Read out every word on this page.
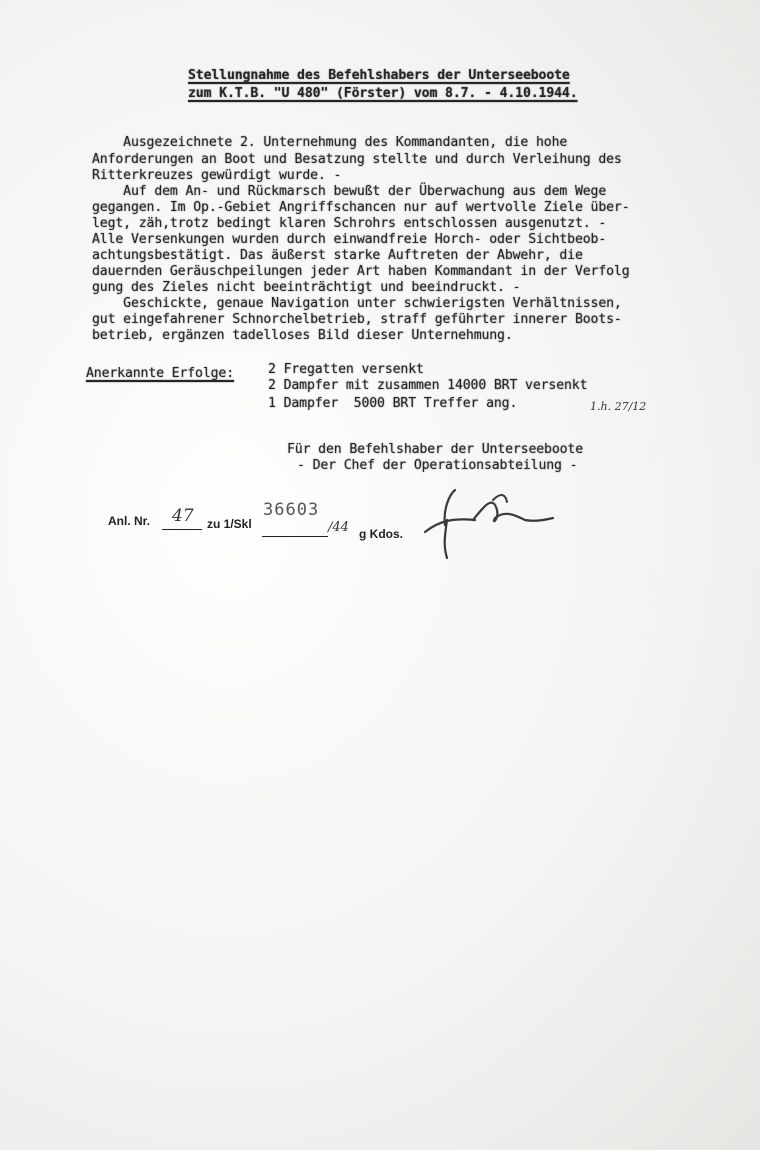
Stellungnahme des Befehlshabers der Unterseeboote
zum K.T.B. "U 480" (Förster) vom 8.7. - 4.10.1944.
Ausgezeichnete 2. Unternehmung des Kommandanten, die hohe
Anforderungen an Boot und Besatzung stellte und durch Verleihung des
Ritterkreuzes gewürdigt wurde. -
Auf dem An- und Rückmarsch bewußt der Überwachung aus dem Wege
gegangen. Im Op.-Gebiet Angriffschancen nur auf wertvolle Ziele über-
legt, zäh,trotz bedingt klaren Schrohrs entschlossen ausgenutzt. -
Alle Versenkungen wurden durch einwandfreie Horch- oder Sichtbeob-
achtungsbestätigt. Das äußerst starke Auftreten der Abwehr, die
dauernden Geräuschpeilungen jeder Art haben Kommandant in der Verfolg
gung des Zieles nicht beeinträchtigt und beeindruckt. -
Geschickte, genaue Navigation unter schwierigsten Verhältnissen,
gut eingefahrener Schnorchelbetrieb, straff geführter innerer Boots-
betrieb, ergänzen tadelloses Bild dieser Unternehmung.
Anerkannte Erfolge:	2 Fregatten versenkt
2 Dampfer mit zusammen 14000 BRT versenkt
1 Dampfer  5000 BRT Treffer ang.	1.h. 27/12
Für den Befehlshaber der Unterseeboote
- Der Chef der Operationsabteilung -
Anl. Nr. 47 zu 1/Skl
36603
/44 g Kdos.
